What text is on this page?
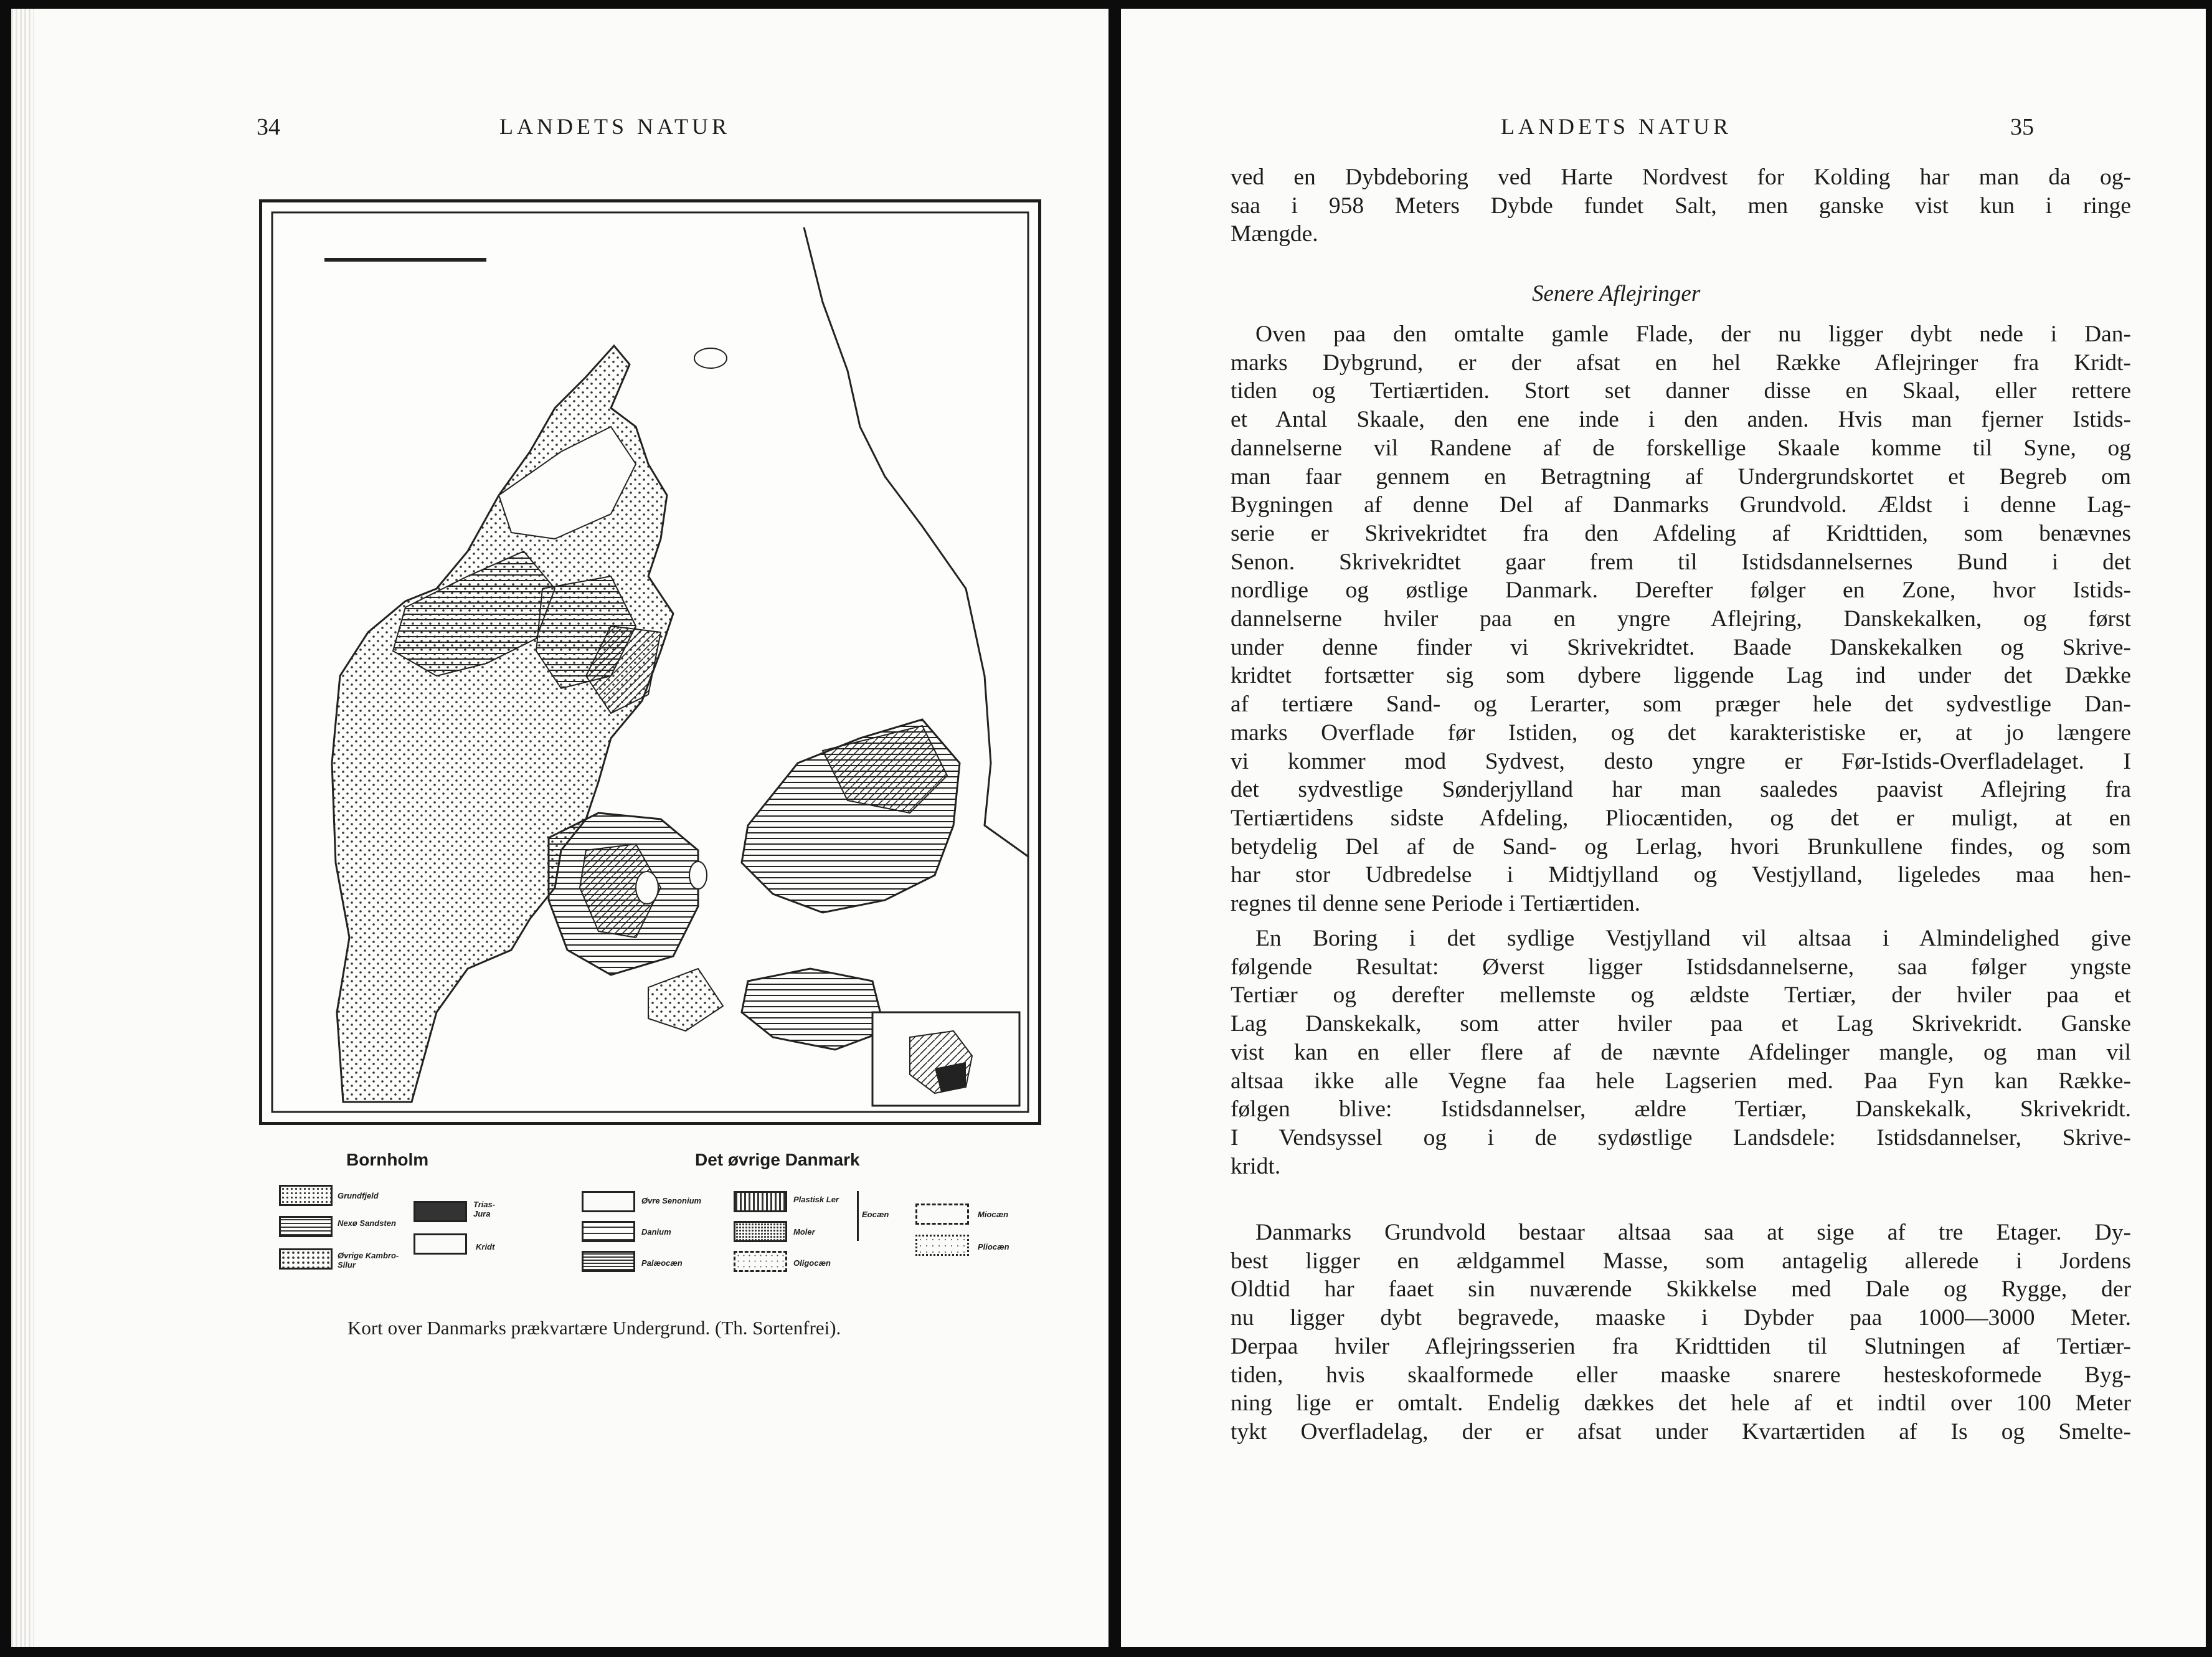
34	LANDETS NATUR
Bornholm	Det øvrige Danmark
Grundfjeld
Nexø Sandsten
Øvrige Kambro-Silur
Trias-Jura
Kridt
Øvre Senonium
Danium
Palæocæn
Plastisk Ler
Moler
Eocæn
Oligocæn
Miocæn
Pliocæn
Kort over Danmarks prækvartære Undergrund. (Th. Sortenfrei).
LANDETS NATUR	35
ved en Dybdeboring ved Harte Nordvest for Kolding har man da og-
saa i 958 Meters Dybde fundet Salt, men ganske vist kun i ringe
Mængde.
Senere Aflejringer
Oven paa den omtalte gamle Flade, der nu ligger dybt nede i Dan-
marks Dybgrund, er der afsat en hel Række Aflejringer fra Kridt-
tiden og Tertiærtiden. Stort set danner disse en Skaal, eller rettere
et Antal Skaale, den ene inde i den anden. Hvis man fjerner Istids-
dannelserne vil Randene af de forskellige Skaale komme til Syne, og
man faar gennem en Betragtning af Undergrundskortet et Begreb om
Bygningen af denne Del af Danmarks Grundvold. Ældst i denne Lag-
serie er Skrivekridtet fra den Afdeling af Kridttiden, som benævnes
Senon. Skrivekridtet gaar frem til Istidsdannelsernes Bund i det
nordlige og østlige Danmark. Derefter følger en Zone, hvor Istids-
dannelserne hviler paa en yngre Aflejring, Danskekalken, og først
under denne finder vi Skrivekridtet. Baade Danskekalken og Skrive-
kridtet fortsætter sig som dybere liggende Lag ind under det Dække
af tertiære Sand- og Lerarter, som præger hele det sydvestlige Dan-
marks Overflade før Istiden, og det karakteristiske er, at jo længere
vi kommer mod Sydvest, desto yngre er Før-Istids-Overfladelaget. I
det sydvestlige Sønderjylland har man saaledes paavist Aflejring fra
Tertiærtidens sidste Afdeling, Pliocæntiden, og det er muligt, at en
betydelig Del af de Sand- og Lerlag, hvori Brunkullene findes, og som
har stor Udbredelse i Midtjylland og Vestjylland, ligeledes maa hen-
regnes til denne sene Periode i Tertiærtiden.
En Boring i det sydlige Vestjylland vil altsaa i Almindelighed give
følgende Resultat: Øverst ligger Istidsdannelserne, saa følger yngste
Tertiær og derefter mellemste og ældste Tertiær, der hviler paa et
Lag Danskekalk, som atter hviler paa et Lag Skrivekridt. Ganske
vist kan en eller flere af de nævnte Afdelinger mangle, og man vil
altsaa ikke alle Vegne faa hele Lagserien med. Paa Fyn kan Række-
følgen blive: Istidsdannelser, ældre Tertiær, Danskekalk, Skrivekridt.
I Vendsyssel og i de sydøstlige Landsdele: Istidsdannelser, Skrive-
kridt.
Danmarks Grundvold bestaar altsaa saa at sige af tre Etager. Dy-
best ligger en ældgammel Masse, som antagelig allerede i Jordens
Oldtid har faaet sin nuværende Skikkelse med Dale og Rygge, der
nu ligger dybt begravede, maaske i Dybder paa 1000—3000 Meter.
Derpaa hviler Aflejringsserien fra Kridttiden til Slutningen af Tertiær-
tiden, hvis skaalformede eller maaske snarere hesteskoformede Byg-
ning lige er omtalt. Endelig dækkes det hele af et indtil over 100 Meter
tykt Overfladelag, der er afsat under Kvartærtiden af Is og Smelte-
